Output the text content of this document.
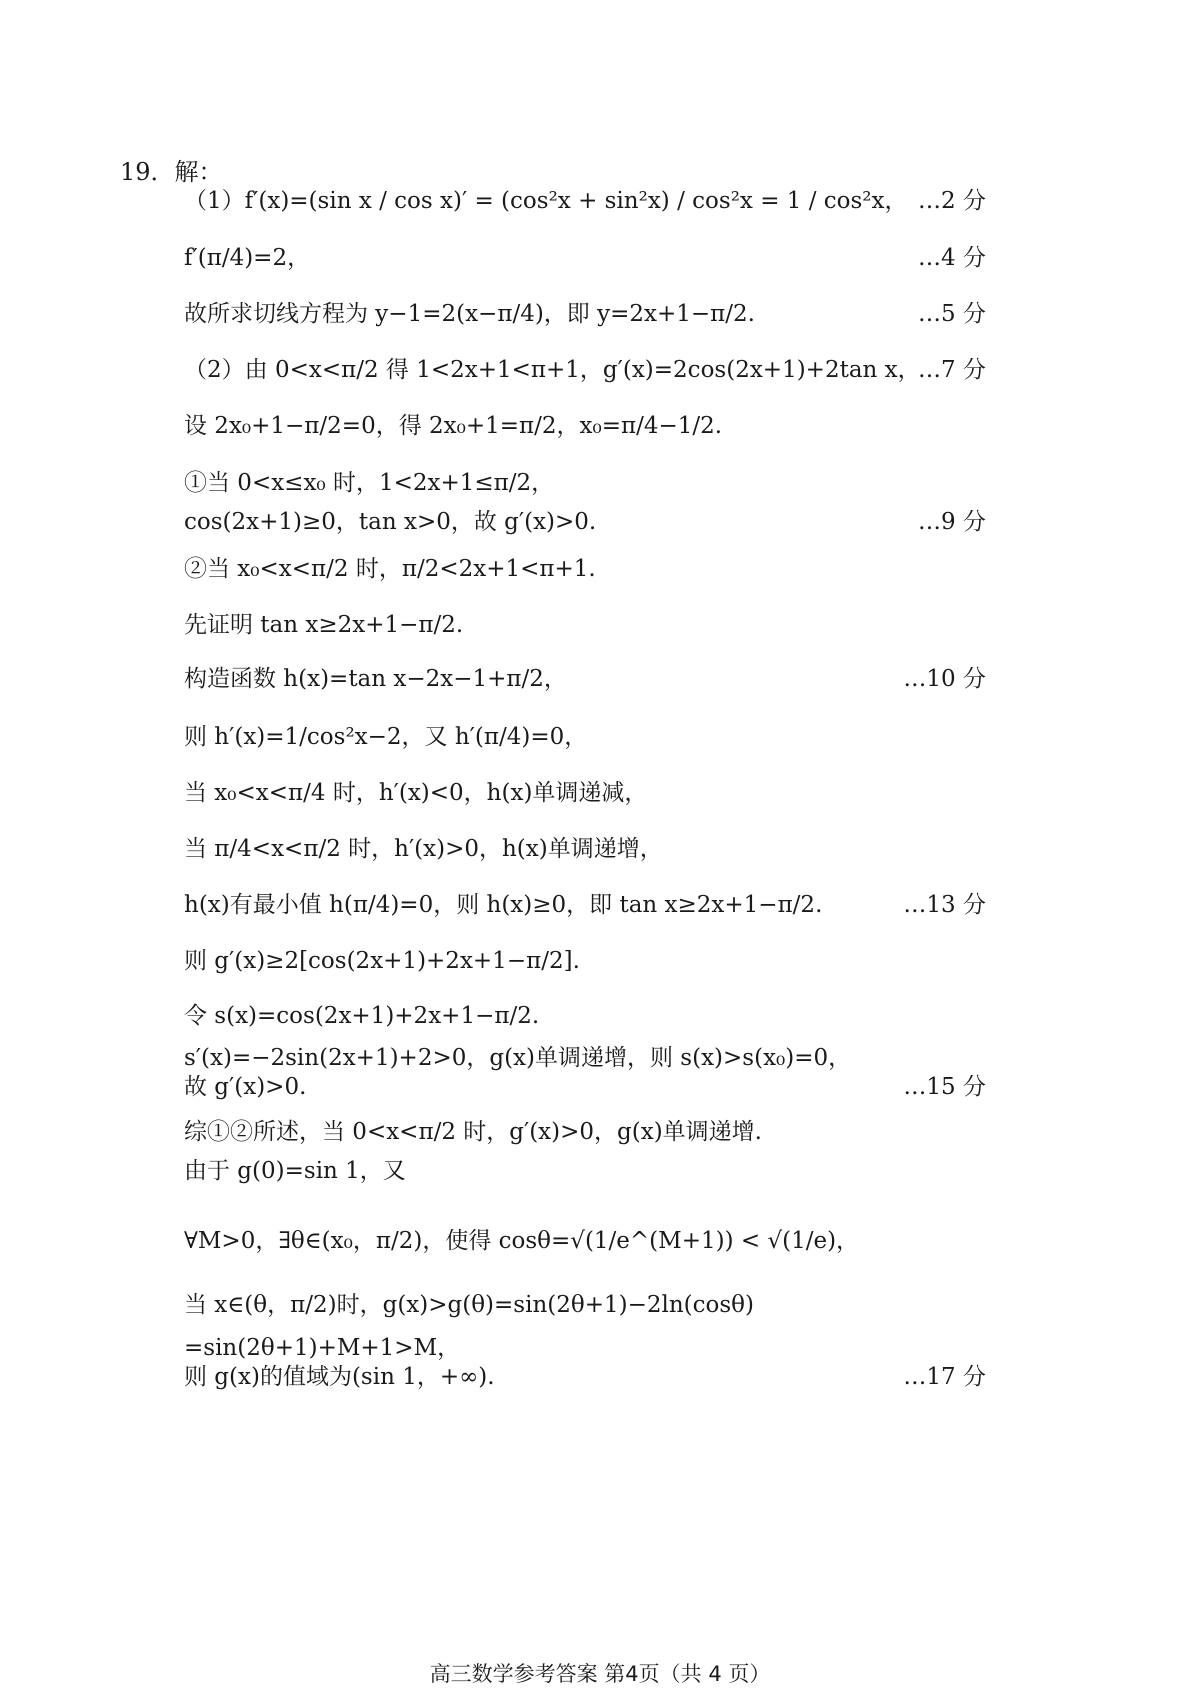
19．解：
（1）f′(x)=(sin x / cos x)′ = (cos²x + sin²x) / cos²x = 1 / cos²x， …2 分
f′(π/4)=2，	…4 分
故所求切线方程为 y−1=2(x−π/4)，即 y=2x+1−π/2.	…5 分
（2）由 0<x<π/2 得 1<2x+1<π+1，g′(x)=2cos(2x+1)+2tan x，
…7 分
设 2x₀+1−π/2=0，得 2x₀+1=π/2，x₀=π/4−1/2.
①当 0<x≤x₀ 时，1<2x+1≤π/2，
cos(2x+1)≥0，tan x>0，故 g′(x)>0.	…9 分
②当 x₀<x<π/2 时，π/2<2x+1<π+1.
先证明 tan x≥2x+1−π/2.
构造函数 h(x)=tan x−2x−1+π/2，	…10 分
则 h′(x)=1/cos²x−2，又 h′(π/4)=0，
当 x₀<x<π/4 时，h′(x)<0，h(x)单调递减，
当 π/4<x<π/2 时，h′(x)>0，h(x)单调递增，
h(x)有最小值 h(π/4)=0，则 h(x)≥0，即 tan x≥2x+1−π/2.	…13 分
则 g′(x)≥2[cos(2x+1)+2x+1−π/2].
令 s(x)=cos(2x+1)+2x+1−π/2.
s′(x)=−2sin(2x+1)+2>0，g(x)单调递增，则 s(x)>s(x₀)=0，
故 g′(x)>0.	…15 分
综①②所述，当 0<x<π/2 时，g′(x)>0，g(x)单调递增.
由于 g(0)=sin 1，又
∀M>0，∃θ∈(x₀，π/2)，使得 cosθ=√(1/e^(M+1)) < √(1/e)，
当 x∈(θ，π/2)时，g(x)>g(θ)=sin(2θ+1)−2ln(cosθ)
=sin(2θ+1)+M+1>M，
则 g(x)的值域为(sin 1，+∞).	…17 分
高三数学参考答案 第4页（共 4 页）
